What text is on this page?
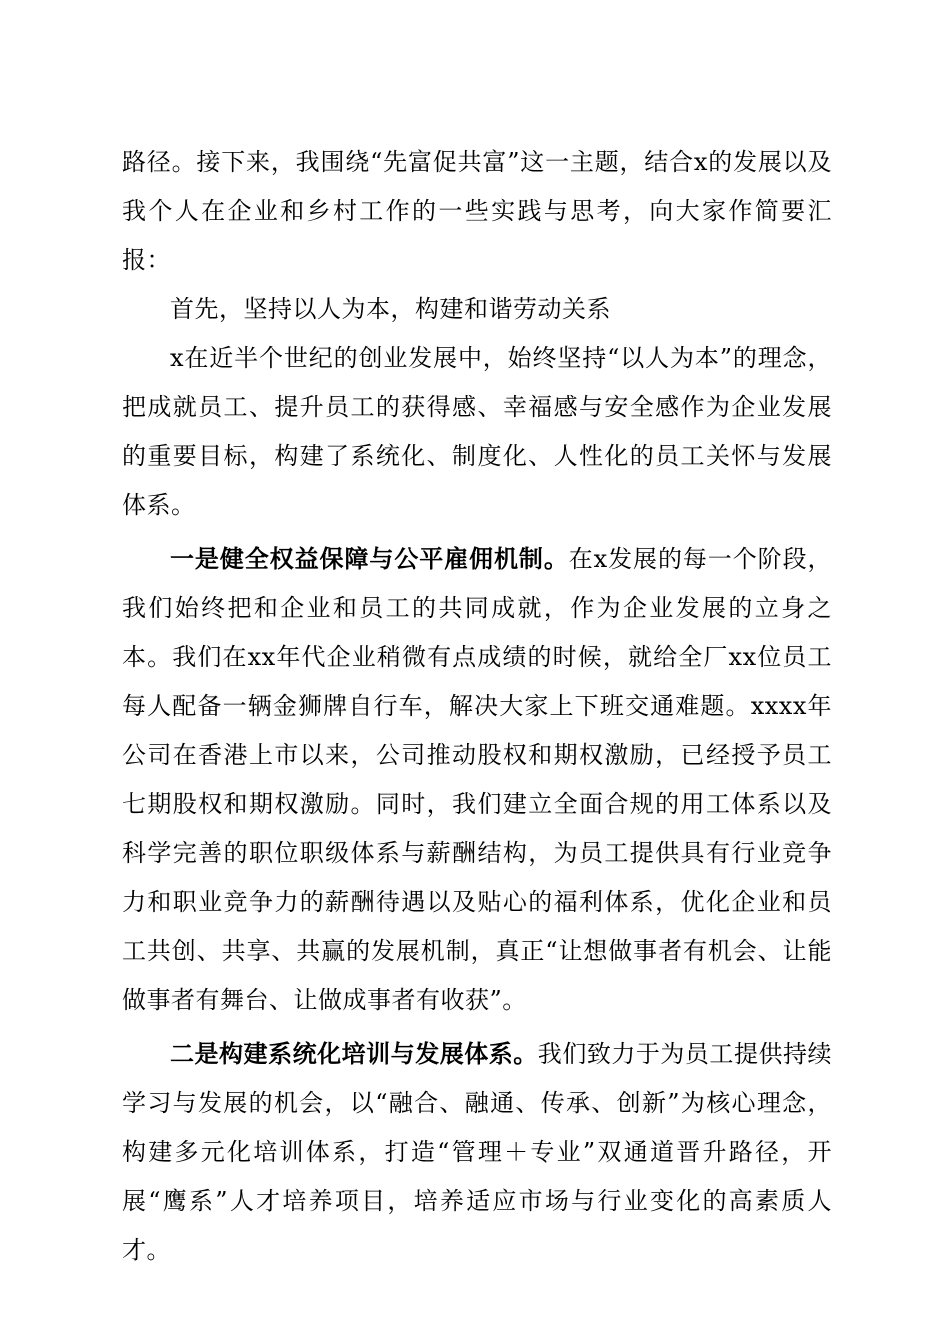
路径。接下来，我围绕“先富促共富”这一主题，结合x的发展以及我个人在企业和乡村工作的一些实践与思考，向大家作简要汇报：

首先，坚持以人为本，构建和谐劳动关系

x在近半个世纪的创业发展中，始终坚持“以人为本”的理念，把成就员工、提升员工的获得感、幸福感与安全感作为企业发展的重要目标，构建了系统化、制度化、人性化的员工关怀与发展体系。

一是健全权益保障与公平雇佣机制。在x发展的每一个阶段，我们始终把和企业和员工的共同成就，作为企业发展的立身之本。我们在xx年代企业稍微有点成绩的时候，就给全厂xx位员工每人配备一辆金狮牌自行车，解决大家上下班交通难题。xxxx年公司在香港上市以来，公司推动股权和期权激励，已经授予员工七期股权和期权激励。同时，我们建立全面合规的用工体系以及科学完善的职位职级体系与薪酬结构，为员工提供具有行业竞争力和职业竞争力的薪酬待遇以及贴心的福利体系，优化企业和员工共创、共享、共赢的发展机制，真正“让想做事者有机会、让能做事者有舞台、让做成事者有收获”。

二是构建系统化培训与发展体系。我们致力于为员工提供持续学习与发展的机会，以“融合、融通、传承、创新”为核心理念，构建多元化培训体系，打造“管理＋专业”双通道晋升路径，开展“鹰系”人才培养项目，培养适应市场与行业变化的高素质人才。
